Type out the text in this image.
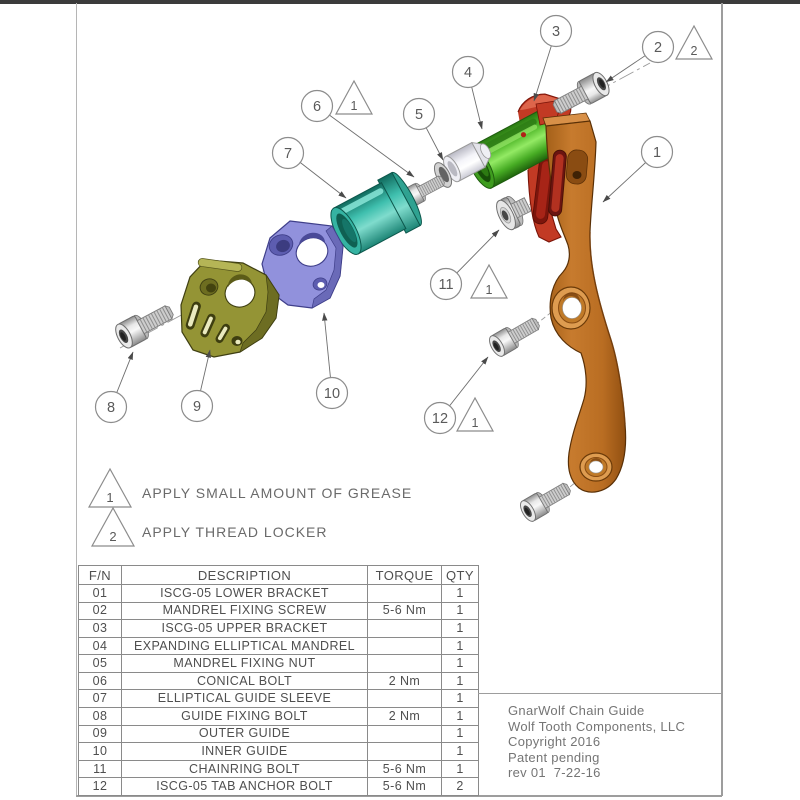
1
2 2
3
4
5
6 1
7
8	9
10
11	1
12 1
1 APPLY SMALL AMOUNT OF GREASE
2 APPLY THREAD LOCKER
F/N	DESCRIPTION	TORQUE	QTY
01	ISCG-05 LOWER BRACKET		1
02	MANDREL FIXING SCREW	5-6 Nm	1
03	ISCG-05 UPPER BRACKET		1
04	EXPANDING ELLIPTICAL MANDREL		1
05	MANDREL FIXING NUT		1
06	CONICAL BOLT	2 Nm	1
07	ELLIPTICAL GUIDE SLEEVE		1
08	GUIDE FIXING BOLT	2 Nm	1
09	OUTER GUIDE		1
10	INNER GUIDE		1
11	CHAINRING BOLT	5-6 Nm	1
12	ISCG-05 TAB ANCHOR BOLT	5-6 Nm	2
GnarWolf Chain Guide
Wolf Tooth Components, LLC
Copyright 2016
Patent pending
rev 01  7-22-16
